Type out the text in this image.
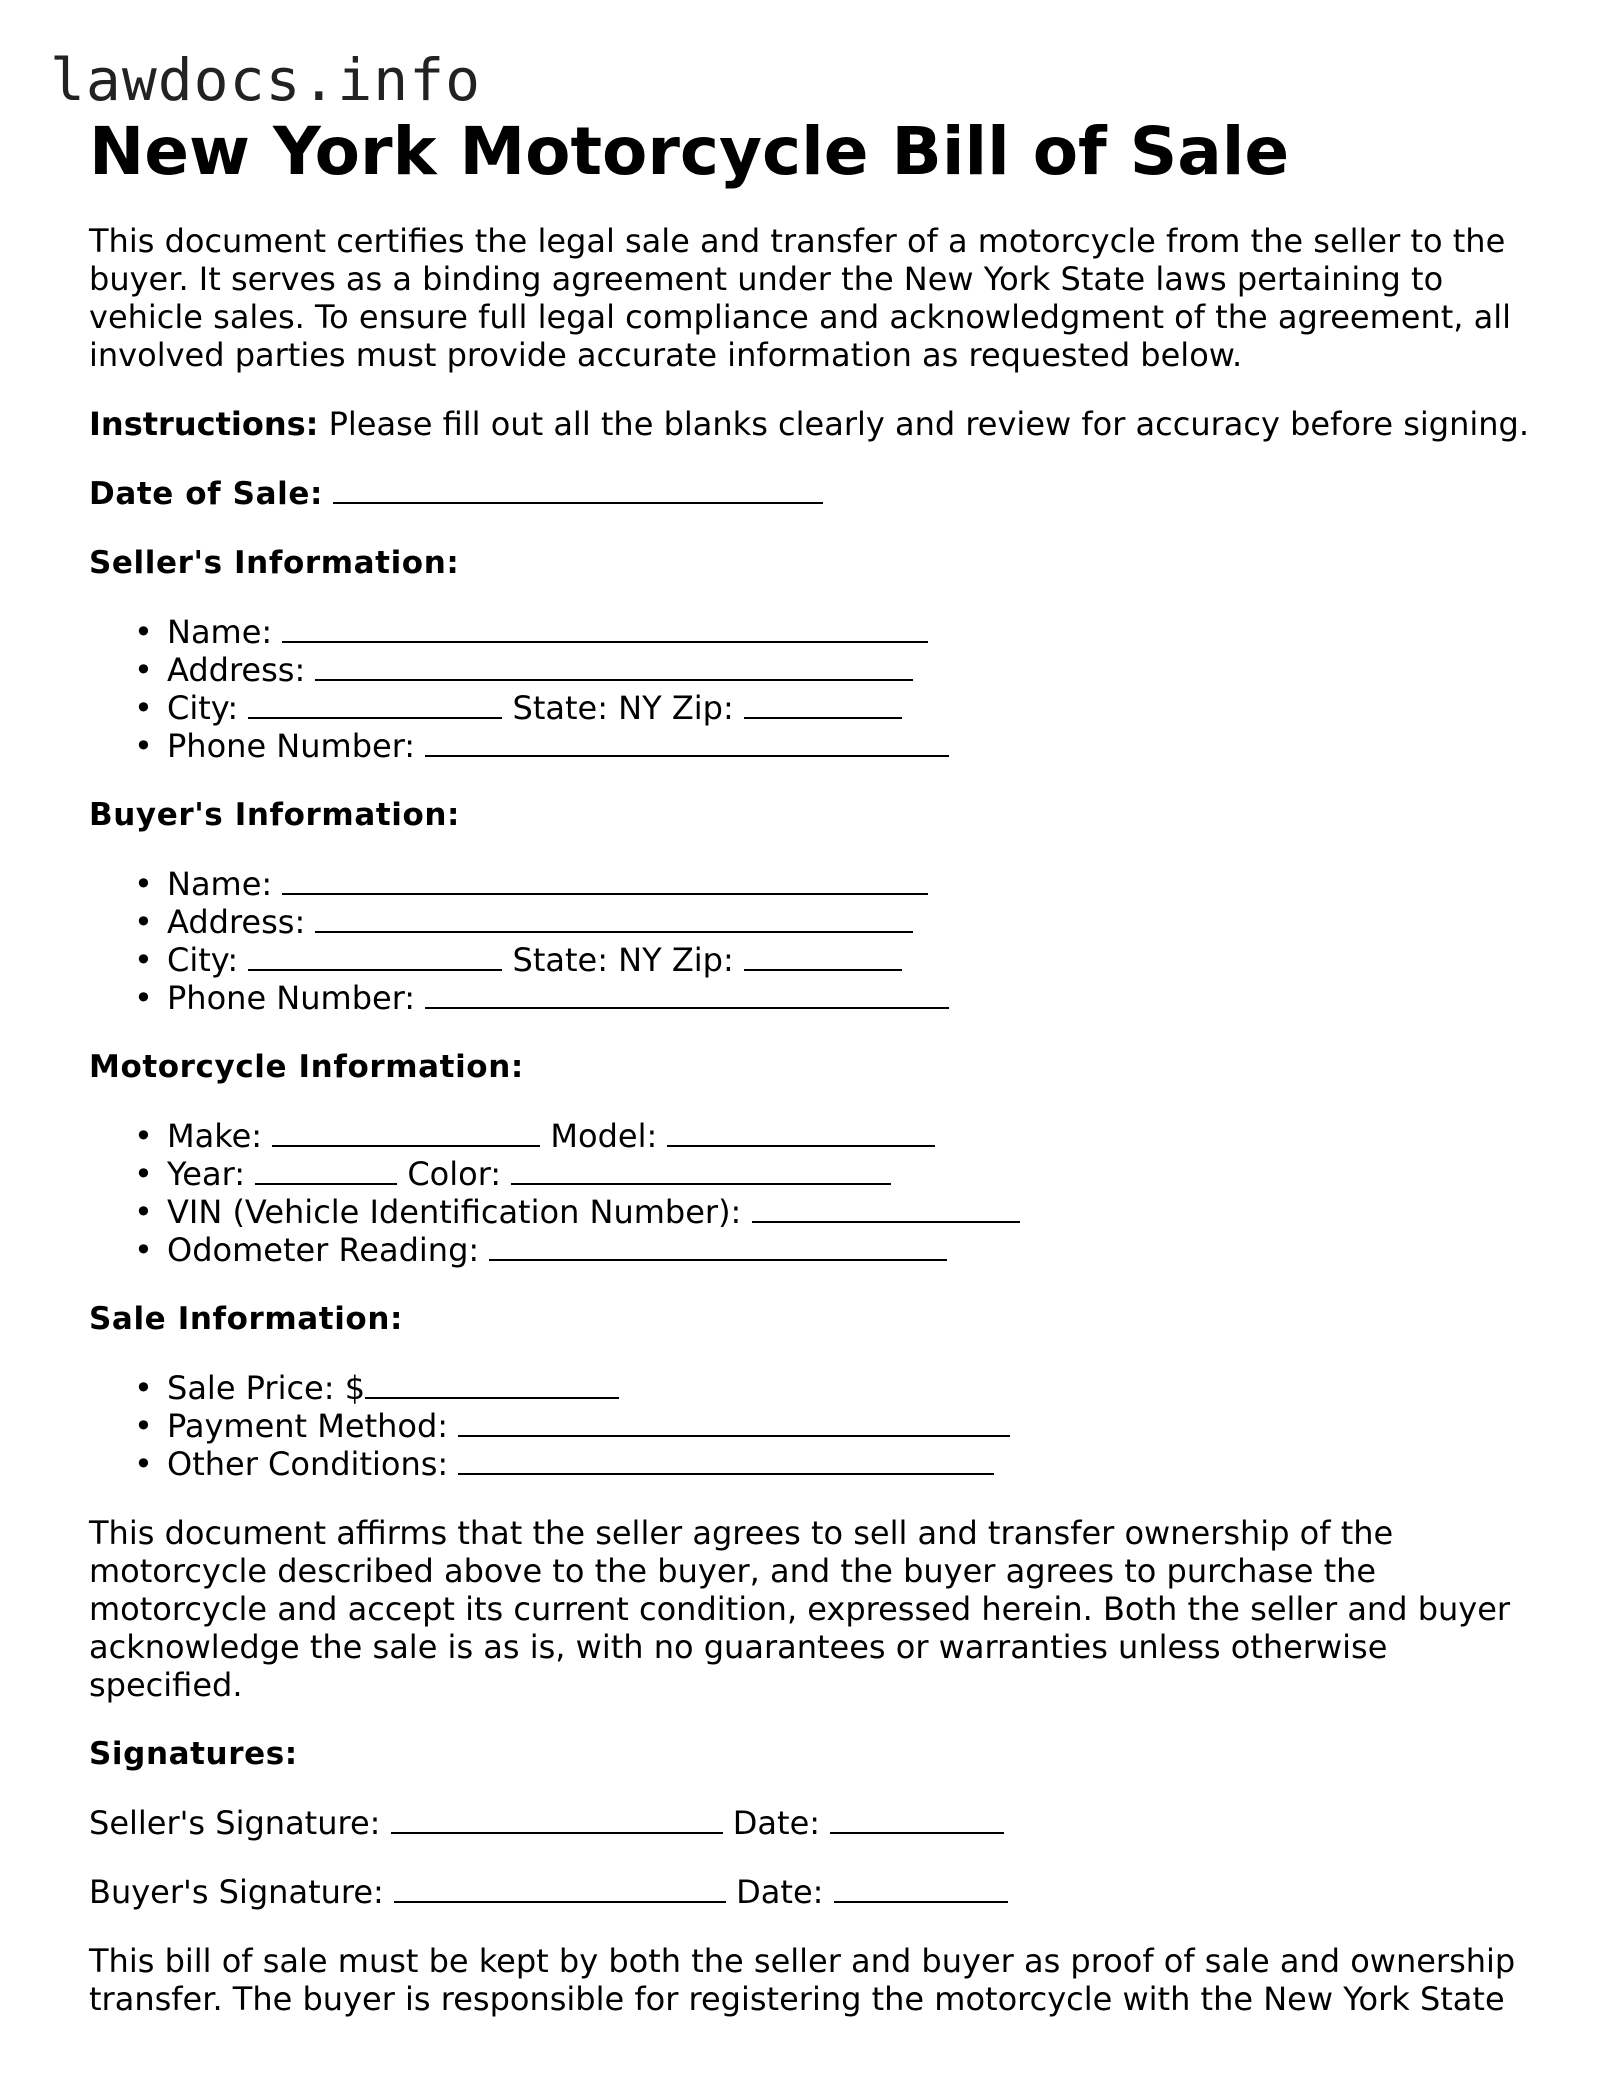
lawdocs.info
New York Motorcycle Bill of Sale

This document certifies the legal sale and transfer of a motorcycle from the seller to the buyer. It serves as a binding agreement under the New York State laws pertaining to vehicle sales. To ensure full legal compliance and acknowledgment of the agreement, all involved parties must provide accurate information as requested below.

Instructions: Please fill out all the blanks clearly and review for accuracy before signing.

Date of Sale:

Seller's Information:

• Name:
• Address:
• City:	State: NY Zip:
• Phone Number:

Buyer's Information:

• Name:
• Address:
• City:	State: NY Zip:
• Phone Number:

Motorcycle Information:

• Make:	Model:
• Year:	Color:
• VIN (Vehicle Identification Number):
• Odometer Reading:

Sale Information:

• Sale Price: $
• Payment Method:
• Other Conditions:

This document affirms that the seller agrees to sell and transfer ownership of the motorcycle described above to the buyer, and the buyer agrees to purchase the motorcycle and accept its current condition, expressed herein. Both the seller and buyer acknowledge the sale is as is, with no guarantees or warranties unless otherwise specified.

Signatures:

Seller's Signature:	Date:

Buyer's Signature:	Date:

This bill of sale must be kept by both the seller and buyer as proof of sale and ownership transfer. The buyer is responsible for registering the motorcycle with the New York State
